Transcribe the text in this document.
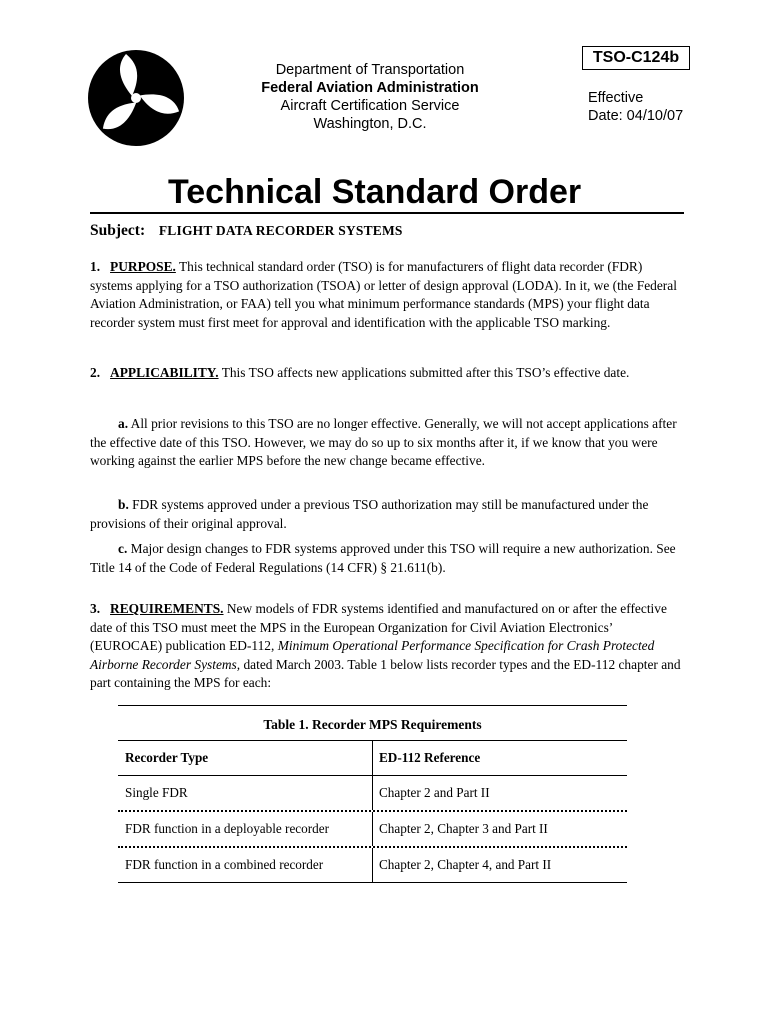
Department of Transportation
Federal Aviation Administration
Aircraft Certification Service
Washington, D.C.
TSO-C124b
Effective
Date: 04/10/07
Technical Standard Order
Subject: FLIGHT DATA RECORDER SYSTEMS
1. PURPOSE. This technical standard order (TSO) is for manufacturers of flight data recorder (FDR) systems applying for a TSO authorization (TSOA) or letter of design approval (LODA). In it, we (the Federal Aviation Administration, or FAA) tell you what minimum performance standards (MPS) your flight data recorder system must first meet for approval and identification with the applicable TSO marking.
2. APPLICABILITY. This TSO affects new applications submitted after this TSO’s effective date.
a. All prior revisions to this TSO are no longer effective. Generally, we will not accept applications after the effective date of this TSO. However, we may do so up to six months after it, if we know that you were working against the earlier MPS before the new change became effective.
b. FDR systems approved under a previous TSO authorization may still be manufactured under the provisions of their original approval.
c. Major design changes to FDR systems approved under this TSO will require a new authorization. See Title 14 of the Code of Federal Regulations (14 CFR) § 21.611(b).
3. REQUIREMENTS. New models of FDR systems identified and manufactured on or after the effective date of this TSO must meet the MPS in the European Organization for Civil Aviation Electronics’ (EUROCAE) publication ED-112, Minimum Operational Performance Specification for Crash Protected Airborne Recorder Systems, dated March 2003. Table 1 below lists recorder types and the ED-112 chapter and part containing the MPS for each:
Table 1. Recorder MPS Requirements
Recorder Type	ED-112 Reference
Single FDR	Chapter 2 and Part II
FDR function in a deployable recorder	Chapter 2, Chapter 3 and Part II
FDR function in a combined recorder	Chapter 2, Chapter 4, and Part II
